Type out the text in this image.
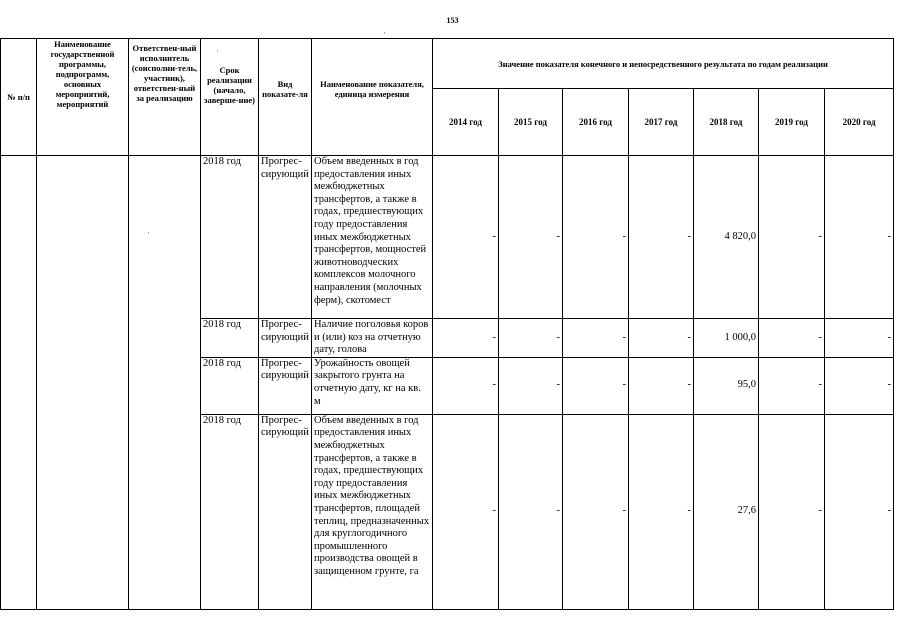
153
№ п/п	Наименование государственной программы, подпрограмм, основных мероприятий, мероприятий	Ответствен-ный исполнитель (соисполни-тель, участник), ответствен-ный за реализацию	Срок реализации (начало, заверше-ние)	Вид показате-ля	Наименование показателя, единица измерения	Значение показателя конечного и непосредственного результата по годам реализации						
						2014 год	2015 год	2016 год	2017 год	2018 год	2019 год	2020 год
			2018 год	Прогрес-сирующий	Объем введенных в год предоставления иных межбюджетных трансфертов, а также в годах, предшествующих году предоставления иных межбюджетных трансфертов, мощностей животноводческих комплексов молочного направления (молочных ферм), скотомест	-	-	-	-	4 820,0	-	-
			2018 год	Прогрес-сирующий	Наличие поголовья коров и (или) коз на отчетную дату, голова	-	-	-	-	1 000,0	-	-
			2018 год	Прогрес-сирующий	Урожайность овощей закрытого грунта на отчетную дату, кг на кв. м	-	-	-	-	95,0	-	-
			2018 год	Прогрес-сирующий	Объем введенных в год предоставления иных межбюджетных трансфертов, а также в годах, предшествующих году предоставления иных межбюджетных трансфертов, площадей теплиц, предназначенных для круглогодичного промышленного производства овощей в защищенном грунте, га	-	-	-	-	27,6	-	-
·
·
·
